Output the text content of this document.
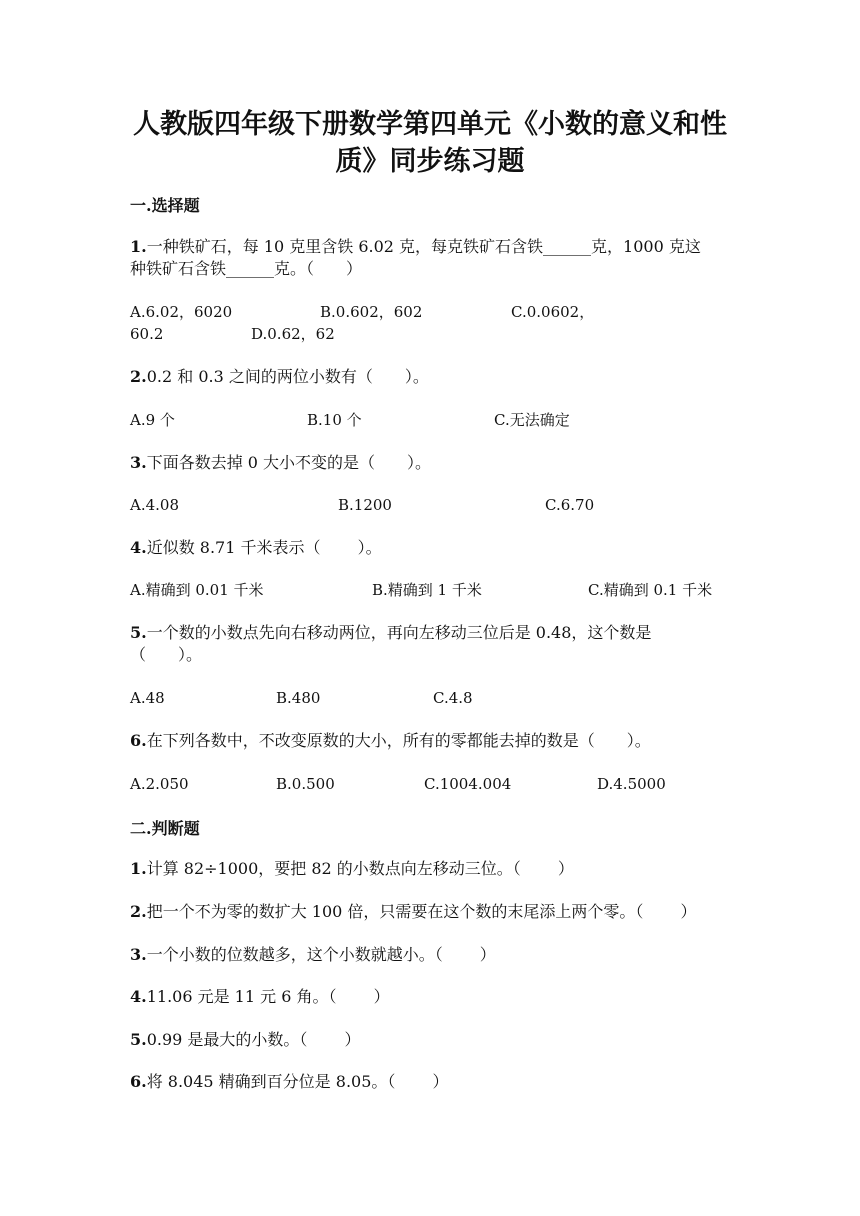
人教版四年级下册数学第四单元《小数的意义和性
质》同步练习题
一.选择题
1.一种铁矿石，每 10 克里含铁 6.02 克，每克铁矿石含铁______克，1000 克这
种铁矿石含铁______克。（　　）
A.6.02，6020	B.0.602，602	C.0.0602，
60.2	D.0.62，62
2.0.2 和 0.3 之间的两位小数有（　　）。
A.9 个	B.10 个	C.无法确定
3.下面各数去掉 0 大小不变的是（　　）。
A.4.08	B.1200	C.6.70
4.近似数 8.71 千米表示（　　 ）。
A.精确到 0.01 千米	B.精确到 1 千米	C.精确到 0.1 千米
5.一个数的小数点先向右移动两位，再向左移动三位后是 0.48，这个数是
（　　）。
A.48	B.480	C.4.8
6.在下列各数中，不改变原数的大小，所有的零都能去掉的数是（　　）。
A.2.050	B.0.500	C.1004.004	D.4.5000
二.判断题
1.计算 82÷1000，要把 82 的小数点向左移动三位。（　　 ）
2.把一个不为零的数扩大 100 倍，只需要在这个数的末尾添上两个零。（　　 ）
3.一个小数的位数越多，这个小数就越小。（　　 ）
4.11.06 元是 11 元 6 角。（　　 ）
5.0.99 是最大的小数。（　　 ）
6.将 8.045 精确到百分位是 8.05。（　　 ）
